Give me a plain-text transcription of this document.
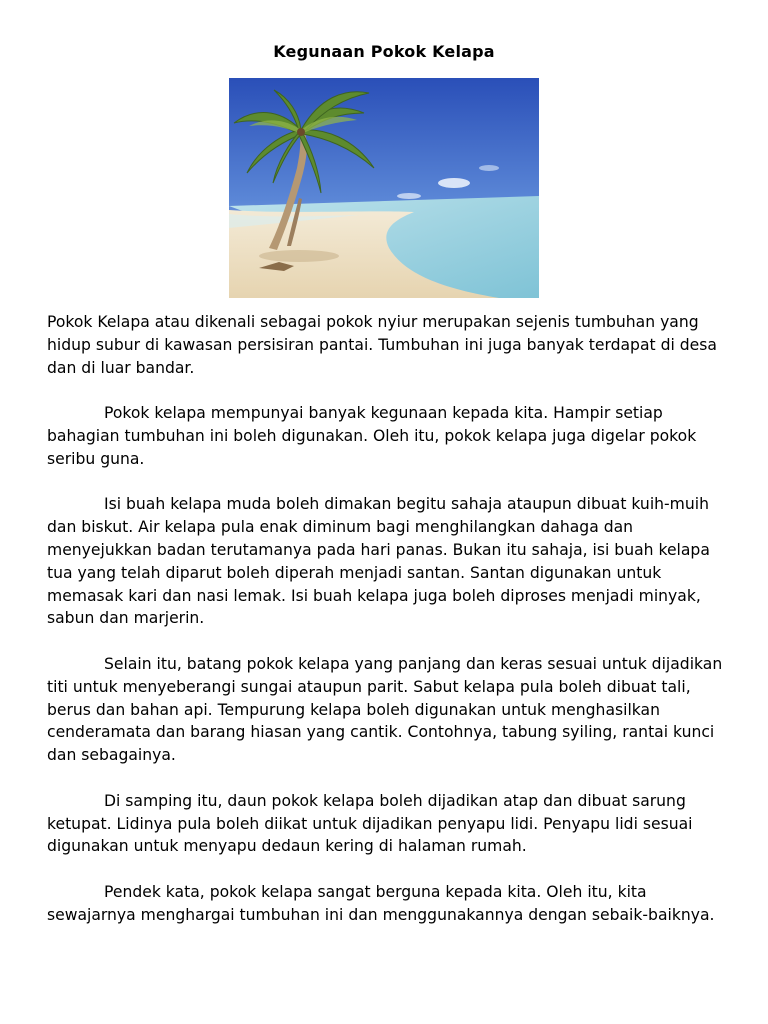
Kegunaan Pokok Kelapa

Pokok Kelapa atau dikenali sebagai pokok nyiur merupakan sejenis tumbuhan yang hidup subur di kawasan persisiran pantai. Tumbuhan ini juga banyak terdapat di desa dan di luar bandar.

Pokok kelapa mempunyai banyak kegunaan kepada kita. Hampir setiap bahagian tumbuhan ini boleh digunakan. Oleh itu, pokok kelapa juga digelar pokok seribu guna.

Isi buah kelapa muda boleh dimakan begitu sahaja ataupun dibuat kuih-muih dan biskut. Air kelapa pula enak diminum bagi menghilangkan dahaga dan menyejukkan badan terutamanya pada hari panas. Bukan itu sahaja, isi buah kelapa tua yang telah diparut boleh diperah menjadi santan. Santan digunakan untuk memasak kari dan nasi lemak. Isi buah kelapa juga boleh diproses menjadi minyak, sabun dan marjerin.

Selain itu, batang pokok kelapa yang panjang dan keras sesuai untuk dijadikan titi untuk menyeberangi sungai ataupun parit. Sabut kelapa pula boleh dibuat tali, berus dan bahan api. Tempurung kelapa boleh digunakan untuk menghasilkan cenderamata dan barang hiasan yang cantik. Contohnya, tabung syiling, rantai kunci dan sebagainya.

Di samping itu, daun pokok kelapa boleh dijadikan atap dan dibuat sarung ketupat. Lidinya pula boleh diikat untuk dijadikan penyapu lidi. Penyapu lidi sesuai digunakan untuk menyapu dedaun kering di halaman rumah.

Pendek kata, pokok kelapa sangat berguna kepada kita. Oleh itu, kita sewajarnya menghargai tumbuhan ini dan menggunakannya dengan sebaik-baiknya.
